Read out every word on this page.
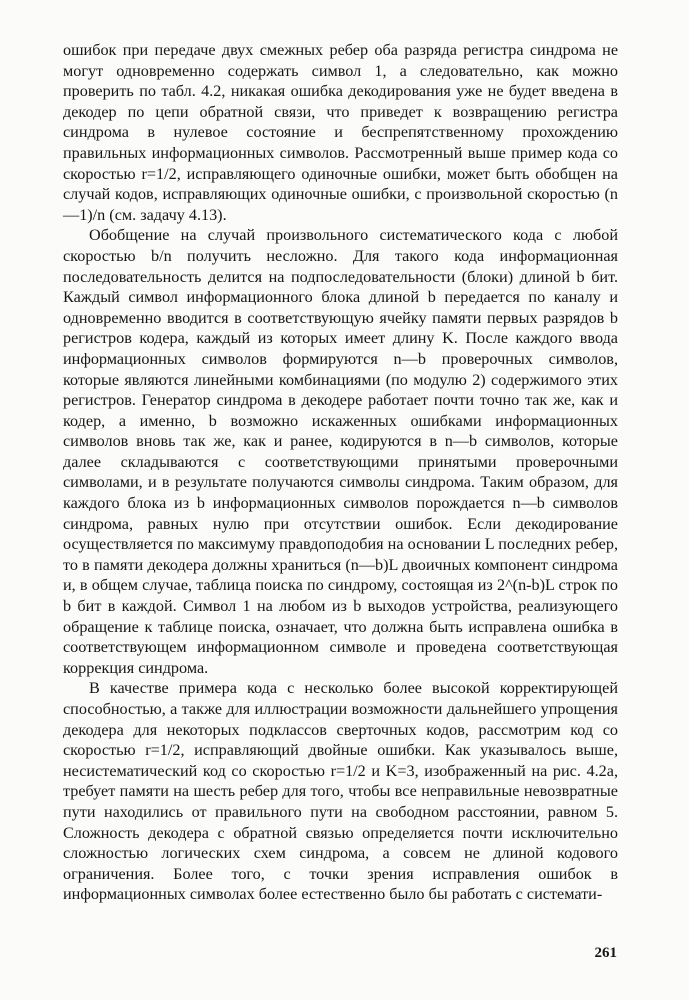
ошибок при передаче двух смежных ребер оба разряда регистра синдрома не могут одновременно содержать символ 1, а следовательно, как можно проверить по табл. 4.2, никакая ошибка декодирования уже не будет введена в декодер по цепи обратной связи, что приведет к возвращению регистра синдрома в нулевое состояние и беспрепятственному прохождению правильных информационных символов. Рассмотренный выше пример кода со скоростью r=1/2, исправляющего одиночные ошибки, может быть обобщен на случай кодов, исправляющих одиночные ошибки, с произвольной скоростью (n—1)/n (см. задачу 4.13).

Обобщение на случай произвольного систематического кода с любой скоростью b/n получить несложно. Для такого кода информационная последовательность делится на подпоследовательности (блоки) длиной b бит. Каждый символ информационного блока длиной b передается по каналу и одновременно вводится в соответствующую ячейку памяти первых разрядов b регистров кодера, каждый из которых имеет длину K. После каждого ввода информационных символов формируются n—b проверочных символов, которые являются линейными комбинациями (по модулю 2) содержимого этих регистров. Генератор синдрома в декодере работает почти точно так же, как и кодер, а именно, b возможно искаженных ошибками информационных символов вновь так же, как и ранее, кодируются в n—b символов, которые далее складываются с соответствующими принятыми проверочными символами, и в результате получаются символы синдрома. Таким образом, для каждого блока из b информационных символов порождается n—b символов синдрома, равных нулю при отсутствии ошибок. Если декодирование осуществляется по максимуму правдоподобия на основании L последних ребер, то в памяти декодера должны храниться (n—b)L двоичных компонент синдрома и, в общем случае, таблица поиска по синдрому, состоящая из 2^(n-b)L строк по b бит в каждой. Символ 1 на любом из b выходов устройства, реализующего обращение к таблице поиска, означает, что должна быть исправлена ошибка в соответствующем информационном символе и проведена соответствующая коррекция синдрома.

В качестве примера кода с несколько более высокой корректирующей способностью, а также для иллюстрации возможности дальнейшего упрощения декодера для некоторых подклассов сверточных кодов, рассмотрим код со скоростью r=1/2, исправляющий двойные ошибки. Как указывалось выше, несистематический код со скоростью r=1/2 и K=3, изображенный на рис. 4.2а, требует памяти на шесть ребер для того, чтобы все неправильные невозвратные пути находились от правильного пути на свободном расстоянии, равном 5. Сложность декодера с обратной связью определяется почти исключительно сложностью логических схем синдрома, а совсем не длиной кодового ограничения. Более того, с точки зрения исправления ошибок в информационных символах более естественно было бы работать с системати-

261
